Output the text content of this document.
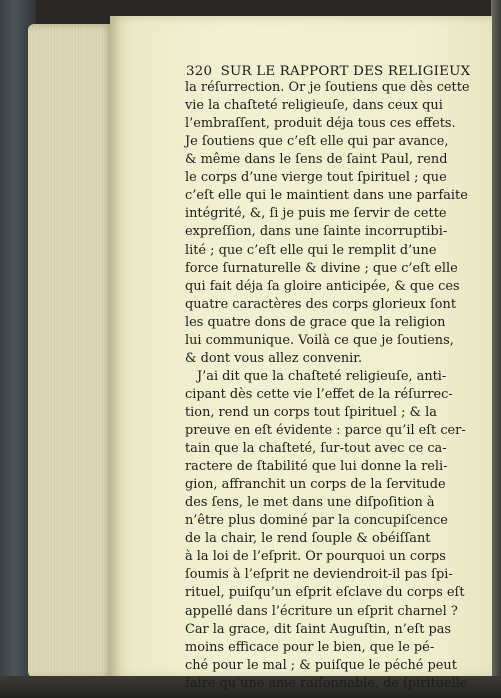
320 SUR LE RAPPORT DES RELIGIEUX
la réſurrection. Or je ſoutiens que dès cette
vie la chaſteté religieuſe, dans ceux qui
l’embraſſent, produit déja tous ces effets.
Je ſoutiens que c’eſt elle qui par avance,
& même dans le ſens de ſaint Paul, rend
le corps d’une vierge tout ſpirituel ; que
c’eſt elle qui le maintient dans une parfaite
intégrité, &, ſi je puis me ſervir de cette
expreſſion, dans une ſainte incorruptibi-
lité ; que c’eſt elle qui le remplit d’une
force ſurnaturelle & divine ; que c’eſt elle
qui fait déja ſa gloire anticipée, & que ces
quatre caractères des corps glorieux ſont
les quatre dons de grace que la religion
lui communique. Voilà ce que je ſoutiens,
& dont vous allez convenir.
J’ai dit que la chaſteté religieuſe, anti-
cipant dès cette vie l’effet de la réſurrec-
tion, rend un corps tout ſpirituel ; & la
preuve en eſt évidente : parce qu’il eſt cer-
tain que la chaſteté, ſur-tout avec ce ca-
ractere de ſtabilité que lui donne la reli-
gion, affranchit un corps de la ſervitude
des ſens, le met dans une diſpoſition à
n’être plus dominé par la concupiſcence
de la chair, le rend ſouple & obéiſſant
à la loi de l’eſprit. Or pourquoi un corps
ſoumis à l’eſprit ne deviendroit-il pas ſpi-
rituel, puiſqu’un eſprit eſclave du corps eſt
appellé dans l’écriture un eſprit charnel ?
Car la grace, dit ſaint Auguſtin, n’eſt pas
moins efficace pour le bien, que le pé-
ché pour le mal ; & puiſque le péché peut
faire qu’une ame raiſonnable, de ſpirituelle
